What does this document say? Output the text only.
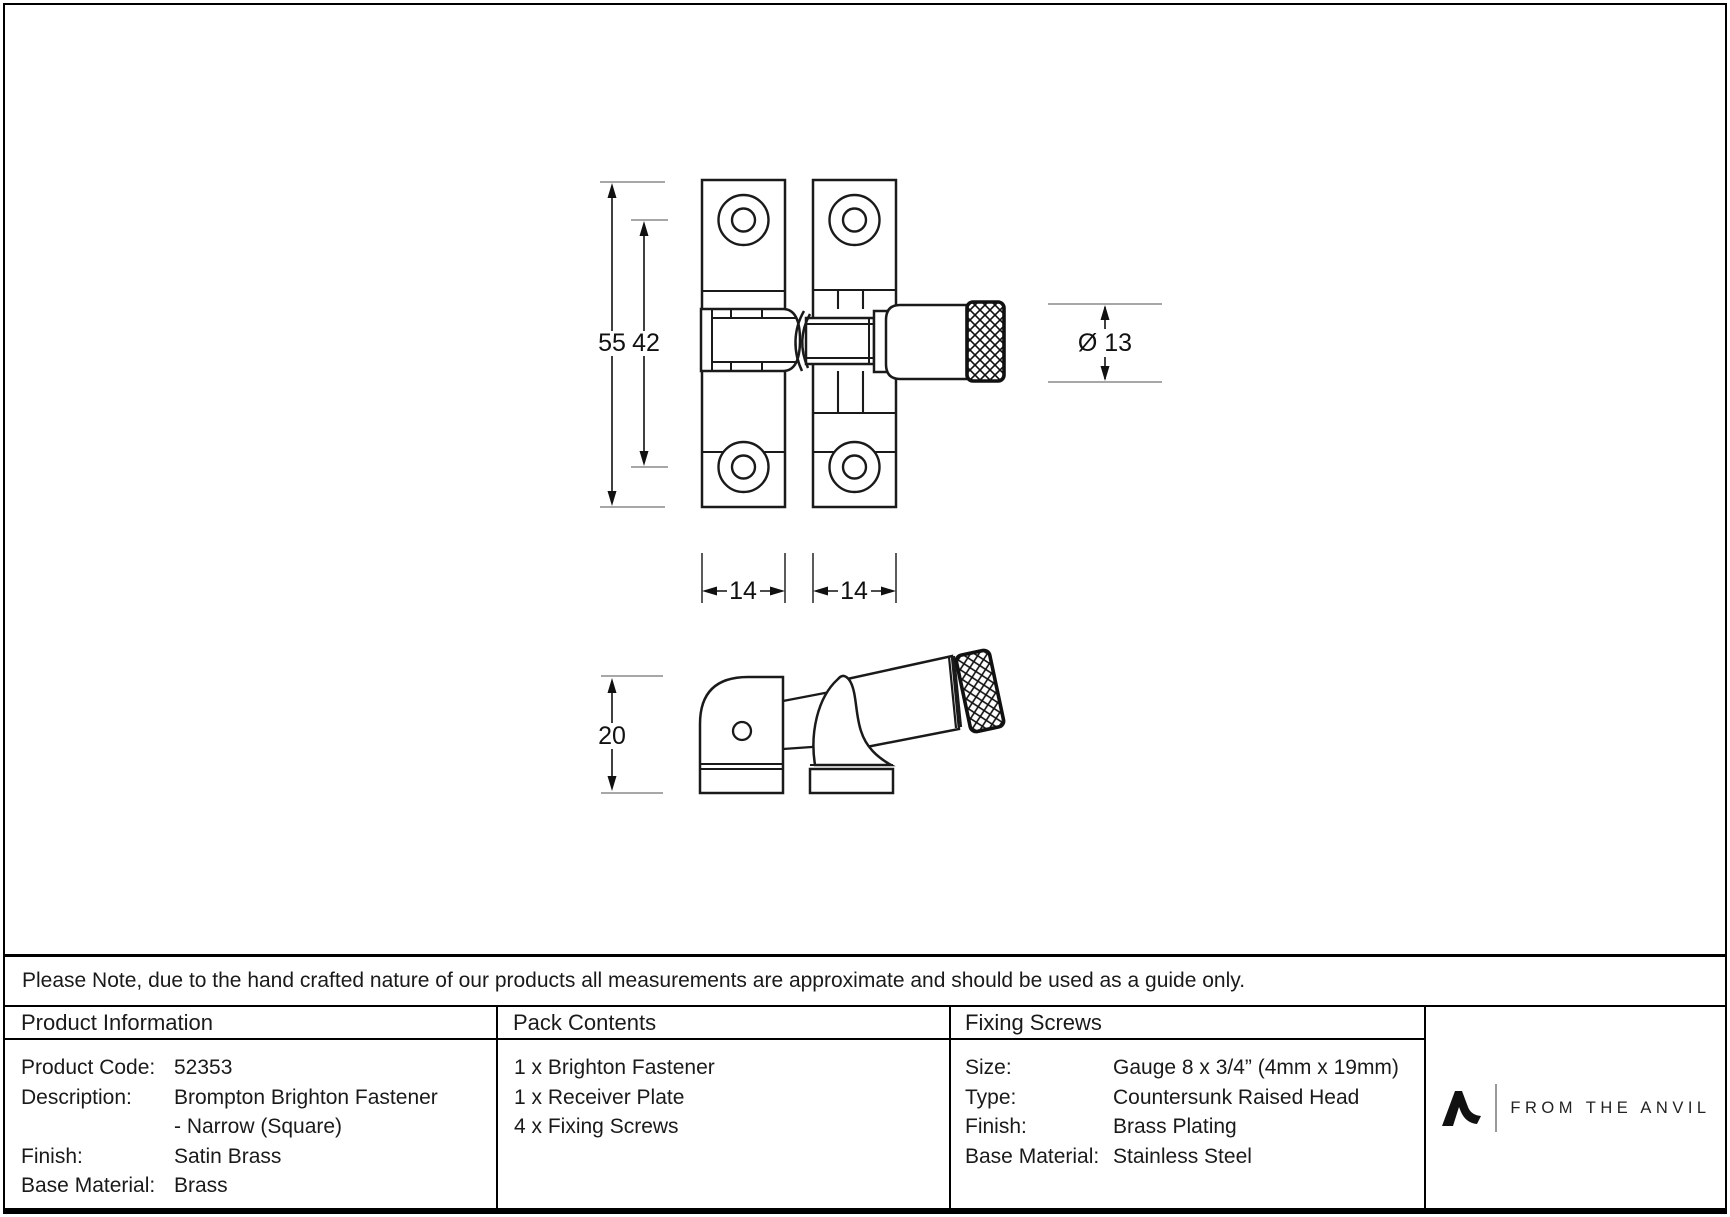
55 42	Ø 13
14	14
20
Please Note, due to the hand crafted nature of our products all measurements are approximate and should be used as a guide only.
Product Information	Pack Contents	Fixing Screws
Product Code: 52353
Description:	Brompton Brighton Fastener
- Narrow (Square)
Finish:	Satin Brass
Base Material: Brass
1 x Brighton Fastener
1 x Receiver Plate
4 x Fixing Screws
Size:	Gauge 8 x 3/4” (4mm x 19mm)
Type:	Countersunk Raised Head
Finish:	Brass Plating
Base Material: Stainless Steel
FROM THE ANVIL
